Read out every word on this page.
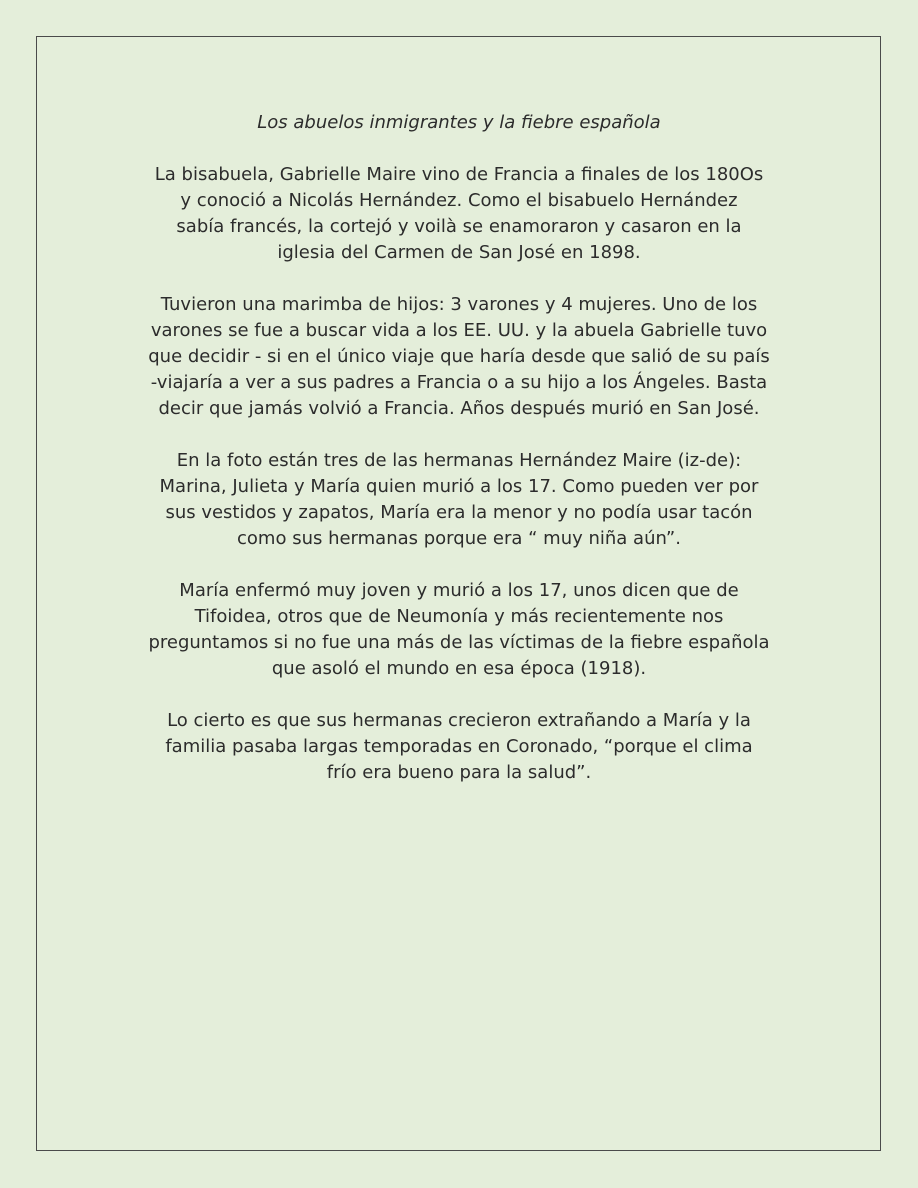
Los abuelos inmigrantes y la fiebre española

La bisabuela, Gabrielle Maire vino de Francia a finales de los 180Os
y conoció a Nicolás Hernández. Como el bisabuelo Hernández
sabía francés, la cortejó y voilà se enamoraron y casaron en la
iglesia del Carmen de San José en 1898.

Tuvieron una marimba de hijos: 3 varones y 4 mujeres. Uno de los
varones se fue a buscar vida a los EE. UU. y la abuela Gabrielle tuvo
que decidir - si en el único viaje que haría desde que salió de su país
-viajaría a ver a sus padres a Francia o a su hijo a los Ángeles. Basta
decir que jamás volvió a Francia. Años después murió en San José.

En la foto están tres de las hermanas Hernández Maire (iz-de):
Marina, Julieta y María quien murió a los 17. Como pueden ver por
sus vestidos y zapatos, María era la menor y no podía usar tacón
como sus hermanas porque era “ muy niña aún”.

María enfermó muy joven y murió a los 17, unos dicen que de
Tifoidea, otros que de Neumonía y más recientemente nos
preguntamos si no fue una más de las víctimas de la fiebre española
que asoló el mundo en esa época (1918).

Lo cierto es que sus hermanas crecieron extrañando a María y la
familia pasaba largas temporadas en Coronado, “porque el clima
frío era bueno para la salud”.
